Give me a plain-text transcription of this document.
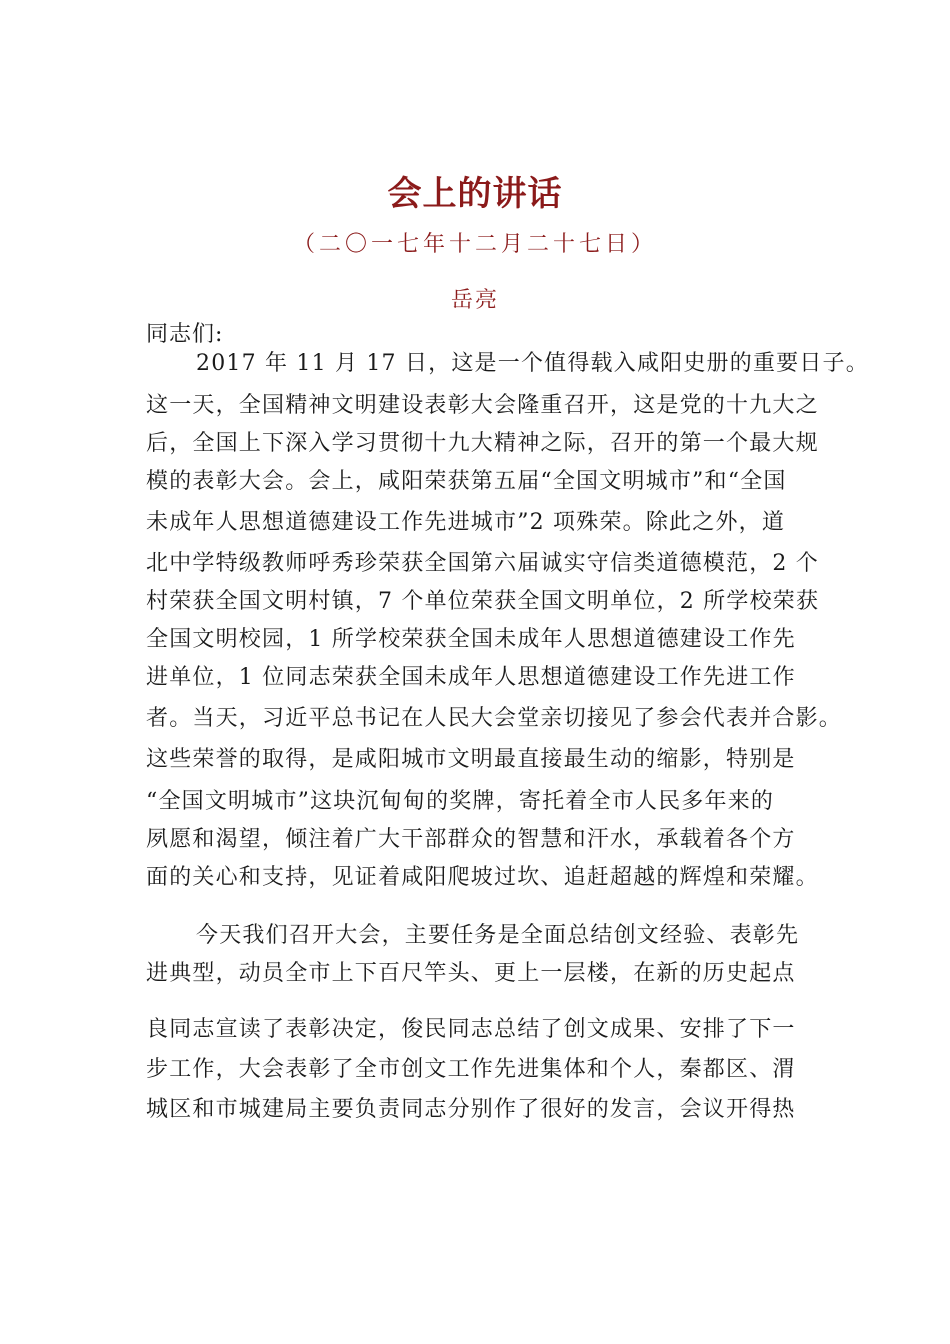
会上的讲话
（二〇一七年十二月二十七日）
岳亮
同志们:
2017 年 11 月 17 日，这是一个值得载入咸阳史册的重要日子。
这一天，全国精神文明建设表彰大会隆重召开，这是党的十九大之
后，全国上下深入学习贯彻十九大精神之际，召开的第一个最大规
模的表彰大会。会上，咸阳荣获第五届“全国文明城市”和“全国
未成年人思想道德建设工作先进城市”2 项殊荣。除此之外，道
北中学特级教师呼秀珍荣获全国第六届诚实守信类道德模范，2 个
村荣获全国文明村镇，7 个单位荣获全国文明单位，2 所学校荣获
全国文明校园，1 所学校荣获全国未成年人思想道德建设工作先
进单位，1 位同志荣获全国未成年人思想道德建设工作先进工作
者。当天，习近平总书记在人民大会堂亲切接见了参会代表并合影。
这些荣誉的取得，是咸阳城市文明最直接最生动的缩影，特别是
“全国文明城市”这块沉甸甸的奖牌，寄托着全市人民多年来的
夙愿和渴望，倾注着广大干部群众的智慧和汗水，承载着各个方
面的关心和支持，见证着咸阳爬坡过坎、追赶超越的辉煌和荣耀。
今天我们召开大会，主要任务是全面总结创文经验、表彰先
进典型，动员全市上下百尺竿头、更上一层楼，在新的历史起点
良同志宣读了表彰决定，俊民同志总结了创文成果、安排了下一
步工作，大会表彰了全市创文工作先进集体和个人，秦都区、渭
城区和市城建局主要负责同志分别作了很好的发言，会议开得热
